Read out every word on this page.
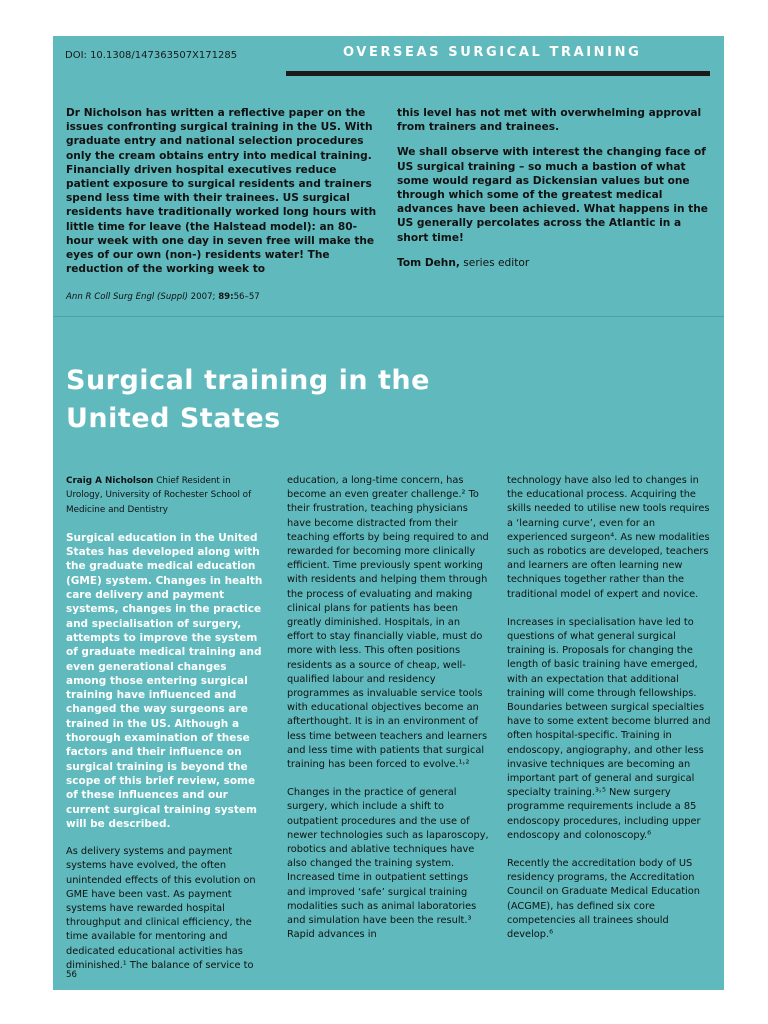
DOI: 10.1308/147363507X171285	OVERSEAS SURGICAL TRAINING

Dr Nicholson has written a reflective paper on the issues confronting surgical training in the US. With graduate entry and national selection procedures only the cream obtains entry into medical training. Financially driven hospital executives reduce patient exposure to surgical residents and trainers spend less time with their trainees. US surgical residents have traditionally worked long hours with little time for leave (the Halstead model): an 80-hour week with one day in seven free will make the eyes of our own (non-) residents water! The reduction of the working week to

this level has not met with overwhelming approval from trainers and trainees.

We shall observe with interest the changing face of US surgical training – so much a bastion of what some would regard as Dickensian values but one through which some of the greatest medical advances have been achieved. What happens in the US generally percolates across the Atlantic in a short time!

Tom Dehn, series editor

Ann R Coll Surg Engl (Suppl) 2007; 89:56–57
Surgical training in the
United States

Craig A Nicholson Chief Resident in Urology, University of Rochester School of Medicine and Dentistry

Surgical education in the United States has developed along with the graduate medical education (GME) system. Changes in health care delivery and payment systems, changes in the practice and specialisation of surgery, attempts to improve the system of graduate medical training and even generational changes among those entering surgical training have influenced and changed the way surgeons are trained in the US. Although a thorough examination of these factors and their influence on surgical training is beyond the scope of this brief review, some of these influences and our current surgical training system will be described.

As delivery systems and payment systems have evolved, the often unintended effects of this evolution on GME have been vast. As payment systems have rewarded hospital throughput and clinical efficiency, the time available for mentoring and dedicated educational activities has diminished.¹ The balance of service to

education, a long-time concern, has become an even greater challenge.² To their frustration, teaching physicians have become distracted from their teaching efforts by being required to and rewarded for becoming more clinically efficient. Time previously spent working with residents and helping them through the process of evaluating and making clinical plans for patients has been greatly diminished. Hospitals, in an effort to stay financially viable, must do more with less. This often positions residents as a source of cheap, well-qualified labour and residency programmes as invaluable service tools with educational objectives become an afterthought. It is in an environment of less time between teachers and learners and less time with patients that surgical training has been forced to evolve.¹˒²

Changes in the practice of general surgery, which include a shift to outpatient procedures and the use of newer technologies such as laparoscopy, robotics and ablative techniques have also changed the training system. Increased time in outpatient settings and improved ‘safe’ surgical training modalities such as animal laboratories and simulation have been the result.³ Rapid advances in

technology have also led to changes in the educational process. Acquiring the skills needed to utilise new tools requires a ‘learning curve’, even for an experienced surgeon⁴. As new modalities such as robotics are developed, teachers and learners are often learning new techniques together rather than the traditional model of expert and novice.

Increases in specialisation have led to questions of what general surgical training is. Proposals for changing the length of basic training have emerged, with an expectation that additional training will come through fellowships. Boundaries between surgical specialties have to some extent become blurred and often hospital-specific. Training in endoscopy, angiography, and other less invasive techniques are becoming an important part of general and surgical specialty training.³˒⁵ New surgery programme requirements include a 85 endoscopy procedures, including upper endoscopy and colonoscopy.⁶

Recently the accreditation body of US residency programs, the Accreditation Council on Graduate Medical Education (ACGME), has defined six core competencies all trainees should develop.⁶

56
